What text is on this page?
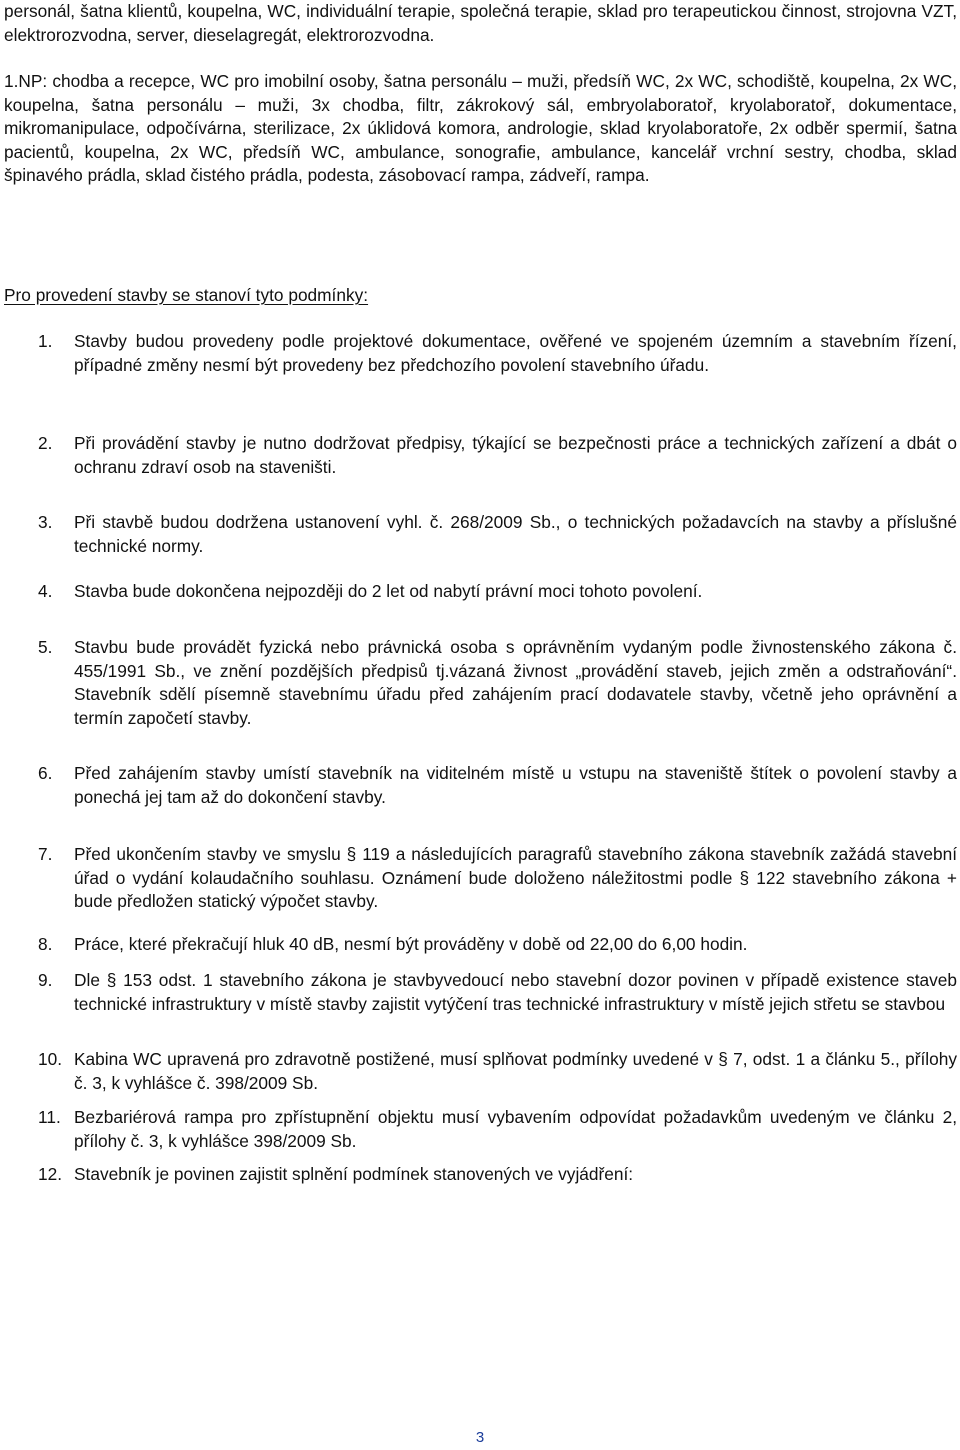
personál, šatna klientů, koupelna, WC, individuální terapie, společná terapie, sklad pro terapeutickou činnost, strojovna VZT, elektrorozvodna, server, dieselagregát, elektrorozvodna.

1.NP: chodba a recepce, WC pro imobilní osoby, šatna personálu – muži, předsíň WC, 2x WC, schodiště, koupelna, 2x WC, koupelna, šatna personálu – muži, 3x chodba, filtr, zákrokový sál, embryolaboratoř, kryolaboratoř, dokumentace, mikromanipulace, odpočívárna, sterilizace, 2x úklidová komora, andrologie, sklad kryolaboratoře, 2x odběr spermií, šatna pacientů, koupelna, 2x WC, předsíň WC, ambulance, sonografie, ambulance, kancelář vrchní sestry, chodba, sklad špinavého prádla, sklad čistého prádla, podesta, zásobovací rampa, zádveří, rampa.

Pro provedení stavby se stanoví tyto podmínky:

1.	Stavby budou provedeny podle projektové dokumentace, ověřené ve spojeném územním a stavebním řízení, případné změny nesmí být provedeny bez předchozího povolení stavebního úřadu.

2.	Při provádění stavby je nutno dodržovat předpisy, týkající se bezpečnosti práce a technických zařízení a dbát o ochranu zdraví osob na staveništi.

3.	Při stavbě budou dodržena ustanovení vyhl. č. 268/2009 Sb., o technických požadavcích na stavby a příslušné technické normy.

4.	Stavba bude dokončena nejpozději do 2 let od nabytí právní moci tohoto povolení.

5.	Stavbu bude provádět fyzická nebo právnická osoba s oprávněním vydaným podle živnostenského zákona č. 455/1991 Sb., ve znění pozdějších předpisů tj.vázaná živnost „provádění staveb, jejich změn a odstraňování“. Stavebník sdělí písemně stavebnímu úřadu před zahájením prací dodavatele stavby, včetně jeho oprávnění a termín započetí stavby.

6.	Před zahájením stavby umístí stavebník na viditelném místě u vstupu na staveniště štítek o povolení stavby a ponechá jej tam až do dokončení stavby.

7.	Před ukončením stavby ve smyslu § 119 a následujících paragrafů stavebního zákona stavebník zažádá stavební úřad o vydání kolaudačního souhlasu. Oznámení bude doloženo náležitostmi podle § 122 stavebního zákona + bude předložen statický výpočet stavby.

8.	Práce, které překračují hluk 40 dB, nesmí být prováděny v době od 22,00 do 6,00 hodin.

9.	Dle § 153 odst. 1 stavebního zákona je stavbyvedoucí nebo stavební dozor povinen v případě existence staveb technické infrastruktury v místě stavby zajistit vytýčení tras technické infrastruktury v místě jejich střetu se stavbou

10. Kabina WC upravená pro zdravotně postižené, musí splňovat podmínky uvedené v § 7, odst. 1 a článku 5., přílohy č. 3, k vyhlášce č. 398/2009 Sb.

11. Bezbariérová rampa pro zpřístupnění objektu musí vybavením odpovídat požadavkům uvedeným ve článku 2, přílohy č. 3, k vyhlášce 398/2009 Sb.

12. Stavebník je povinen zajistit splnění podmínek stanovených ve vyjádření:

3
